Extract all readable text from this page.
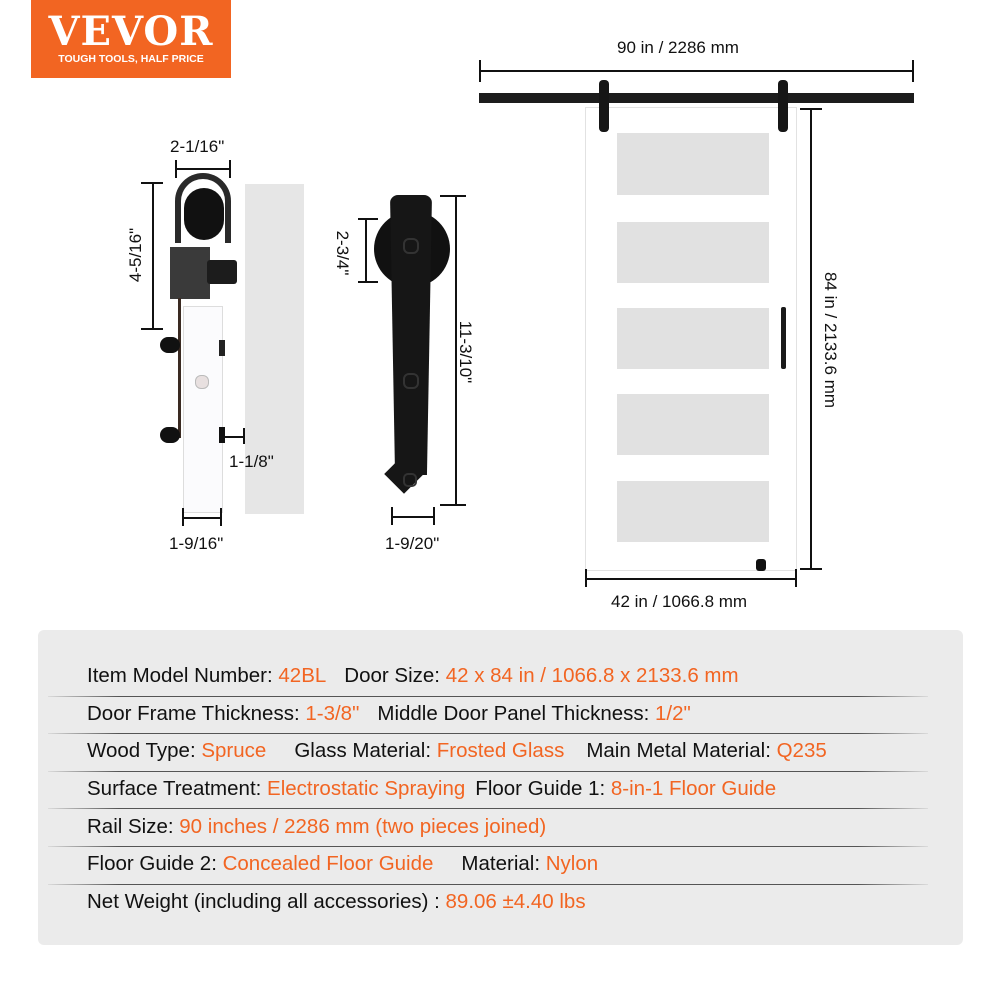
VEVOR
TOUGH TOOLS, HALF PRICE
2-1/16"
4-5/16"
1-1/8"
1-9/16"
2-3/4"
11-3/10"
1-9/20"
90 in / 2286 mm
84 in / 2133.6 mm
42 in / 1066.8 mm
Item Model Number: 42BL Door Size: 42 x 84 in / 1066.8 x 2133.6 mm
Door Frame Thickness: 1-3/8" Middle Door Panel Thickness: 1/2"
Wood Type: Spruce Glass Material: Frosted Glass Main Metal Material: Q235
Surface Treatment: Electrostatic Spraying Floor Guide 1: 8-in-1 Floor Guide
Rail Size: 90 inches / 2286 mm (two pieces joined)
Floor Guide 2: Concealed Floor Guide Material: Nylon
Net Weight (including all accessories) : 89.06 ±4.40 lbs
